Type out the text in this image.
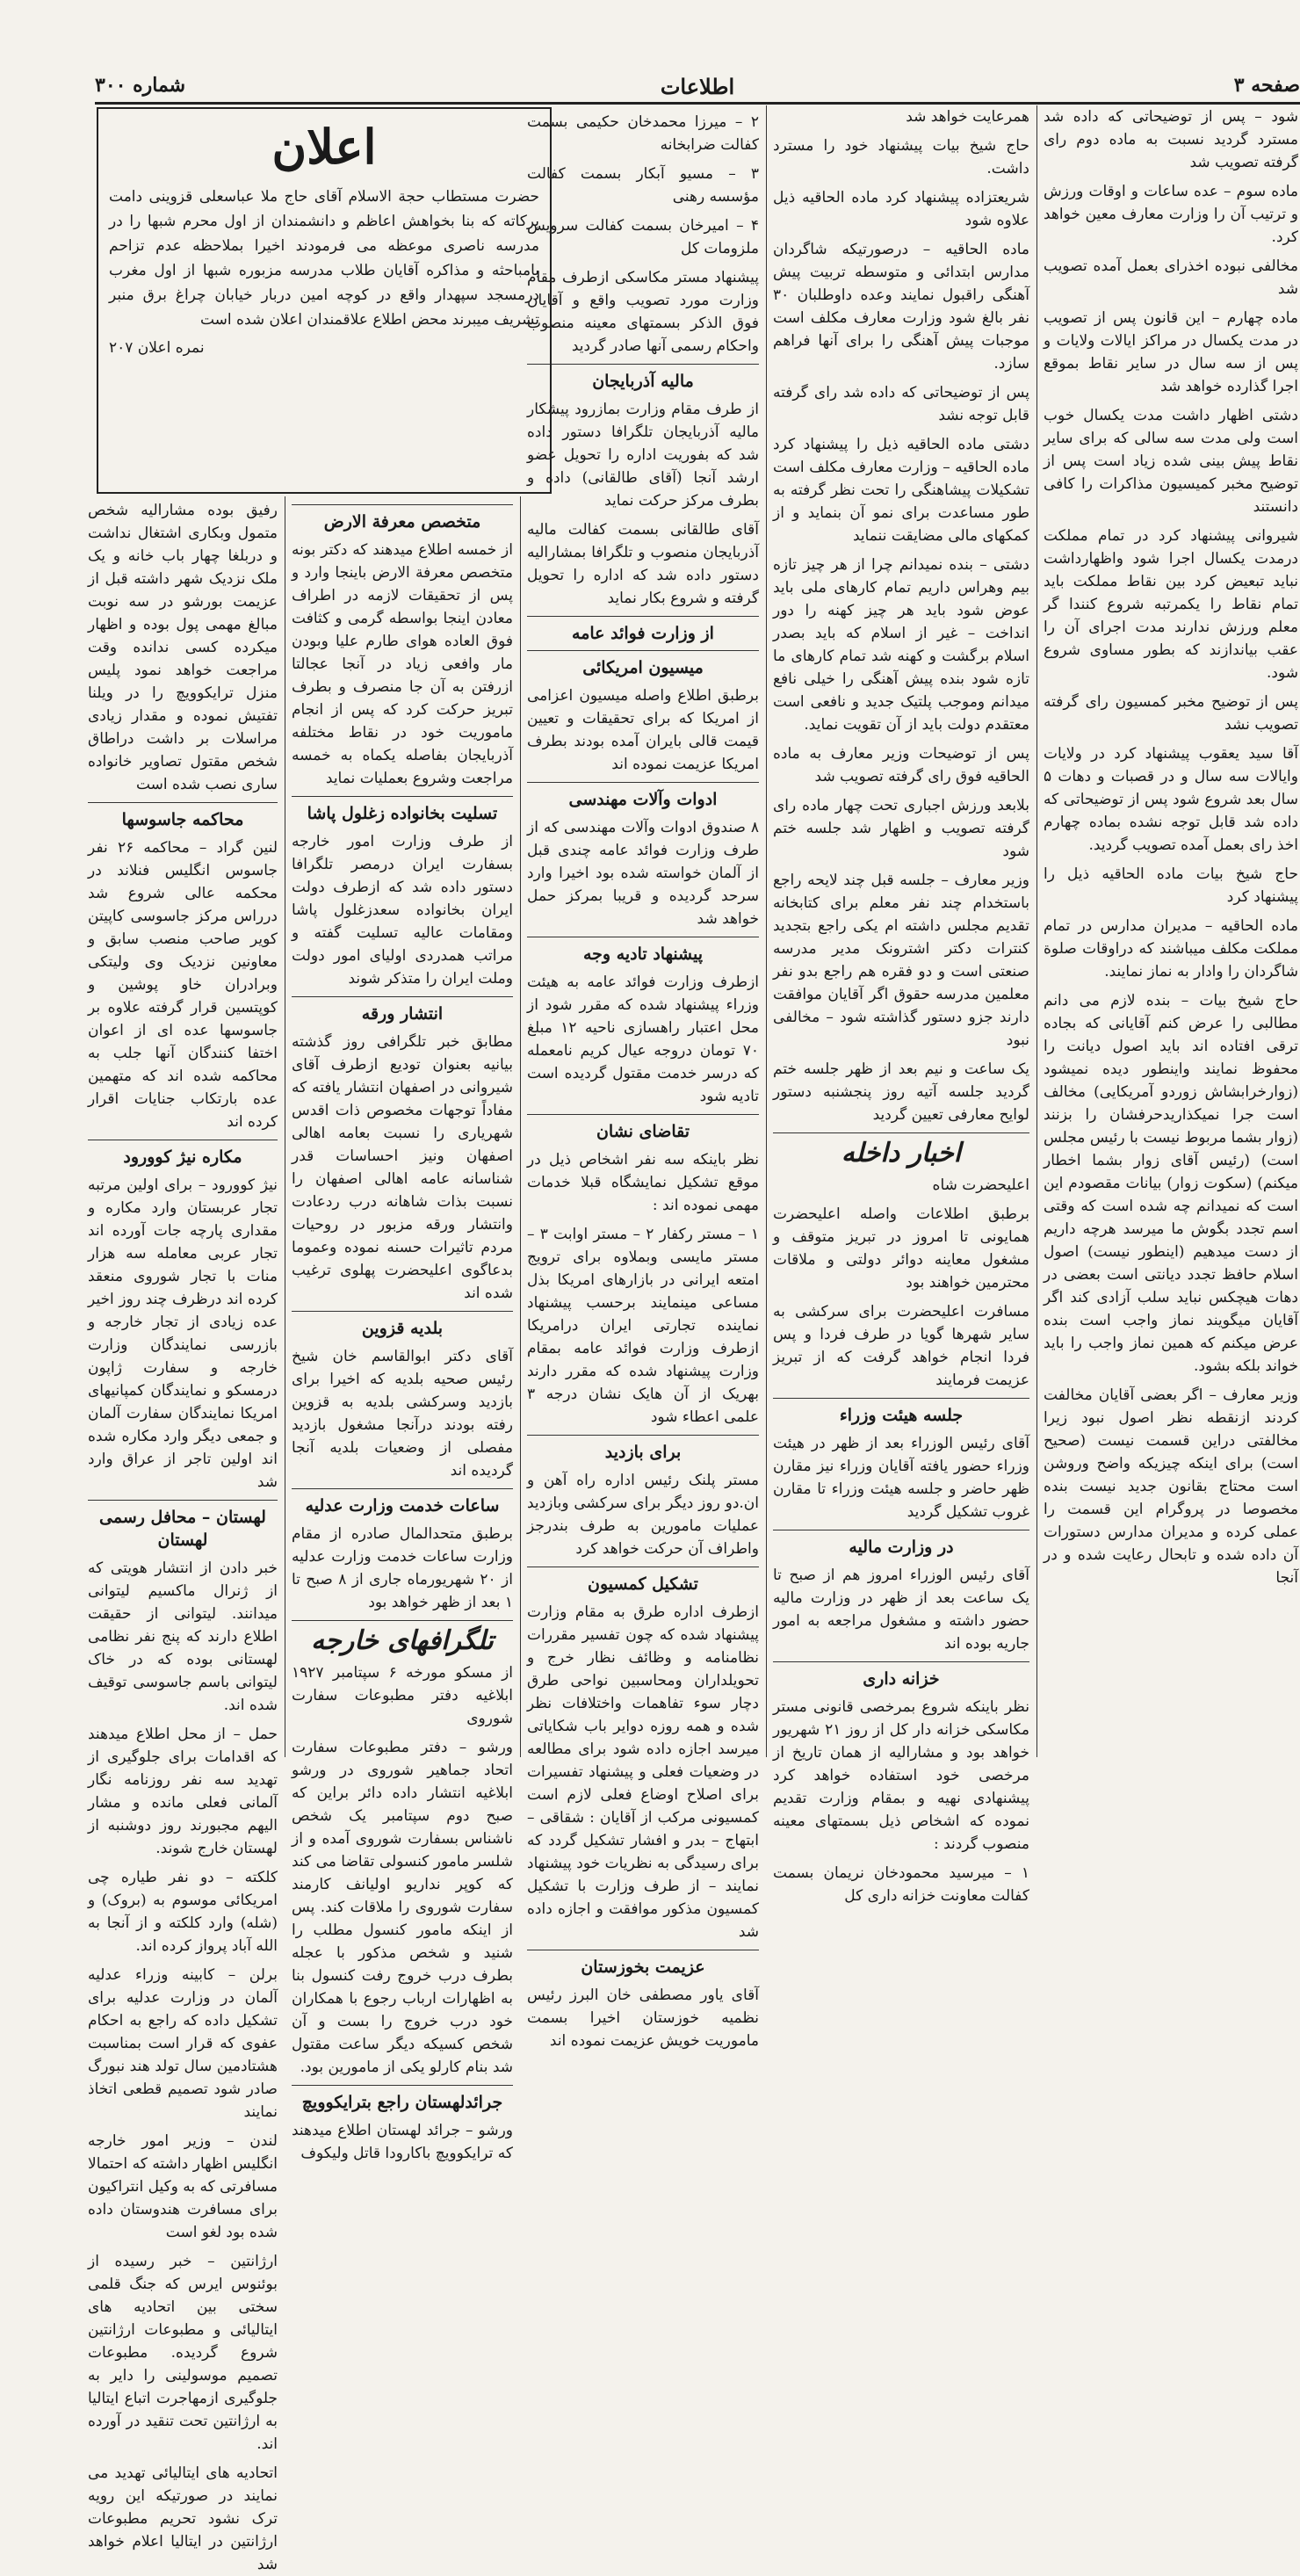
صفحه ۳
اطلاعات
شماره ۳۰۰

شود – پس از توضیحاتی که داده شد مسترد گردید نسبت به ماده دوم رای گرفته تصویب شد

ماده سوم – عده ساعات و اوقات ورزش و ترتیب آن را وزارت معارف معین خواهد کرد.

مخالفی نبوده اخذرای بعمل آمده تصویب شد

ماده چهارم – این قانون پس از تصویب در مدت یکسال در مراکز ایالات ولایات و پس از سه سال در سایر نقاط بموقع اجرا گذارده خواهد شد

دشتی اظهار داشت مدت یکسال خوب است ولی مدت سه سالی که برای سایر نقاط پیش بینی شده زیاد است پس از توضیح مخبر کمیسیون مذاکرات را کافی دانستند

شیروانی پیشنهاد کرد در تمام مملکت درمدت یکسال اجرا شود واظهارداشت نباید تبعیض کرد بین نقاط مملکت باید تمام نقاط را یکمرتبه شروع کنندا گر معلم ورزش ندارند مدت اجرای آن را عقب بیاندازند که بطور مساوی شروع شود.

پس از توضیح مخبر کمسیون رای گرفته تصویب نشد

آقا سید یعقوب پیشنهاد کرد در ولایات وایالات سه سال و در قصبات و دهات ۵ سال بعد شروع شود پس از توضیحاتی که داده شد قابل توجه نشده بماده چهارم اخذ رای بعمل آمده تصویب گردید.

حاج شیخ بیات ماده الحاقیه ذیل را پیشنهاد کرد

ماده الحاقیه – مدیران مدارس در تمام مملکت مکلف میباشند که دراوقات صلوة شاگردان را وادار به نماز نمایند.

حاج شیخ بیات – بنده لازم می دانم مطالبی را عرض کنم آقایانی که بجاده ترقی افتاده اند باید اصول دیانت را محفوظ نمایند واینطور دیده نمیشود (زوارخرابشاش زوردو آمریکایی) مخالف است جرا نمیکذاریدحرفشان را بزنند (زوار بشما مربوط نیست با رئیس مجلس است) (رئیس آقای زوار بشما اخطار میکنم) (سکوت زوار) بیانات مقصودم این است که نمیدانم چه شده است که وقتی اسم تجدد بگوش ما میرسد هرچه داریم از دست میدهیم (اینطور نیست) اصول اسلام حافظ تجدد دیانتی است بعضی در دهات هیچکس نباید سلب آزادی کند اگر آقایان میگویند نماز واجب است بنده عرض میکنم که همین نماز واجب را باید خواند بلکه بشود.

وزیر معارف – اگر بعضی آقایان مخالفت کردند ازنقطه نظر اصول نبود زیرا مخالفتی دراین قسمت نیست (صحیح است) برای اینکه چیزیکه واضح وروشن است محتاج بقانون جدید نیست بنده مخصوصا در پروگرام این قسمت را عملی کرده و مدیران مدارس دستورات آن داده شده و تابحال رعایت شده و در آنجا

همرعایت خواهد شد

حاج شیخ بیات پیشنهاد خود را مسترد داشت.

شریعتزاده پیشنهاد کرد ماده الحاقیه ذیل علاوه شود

ماده الحاقیه – درصورتیکه شاگردان مدارس ابتدائی و متوسطه تربیت پیش آهنگی راقبول نمایند وعده داوطلبان ۳۰ نفر بالغ شود وزارت معارف مکلف است موجبات پیش آهنگی را برای آنها فراهم سازد.

پس از توضیحاتی که داده شد رای گرفته قابل توجه نشد

دشتی ماده الحاقیه ذیل را پیشنهاد کرد ماده الحاقیه – وزارت معارف مکلف است تشکیلات پیشاهنگی را تحت نظر گرفته به طور مساعدت برای نمو آن بنماید و از کمکهای مالی مضایقت ننماید

دشتی – بنده نمیدانم چرا از هر چیز تازه بیم وهراس داریم تمام کارهای ملی باید عوض شود باید هر چیز کهنه را دور انداخت – غیر از اسلام که باید بصدر اسلام برگشت و کهنه شد تمام کارهای ما تازه شود بنده پیش آهنگی را خیلی نافع میدانم وموجب پلتیک جدید و نافعی است معتقدم دولت باید از آن تقویت نماید.

پس از توضیحات وزیر معارف به ماده الحاقیه فوق رای گرفته تصویب شد

بلابعد ورزش اجباری تحت چهار ماده رای گرفته تصویب و اظهار شد جلسه ختم شود

وزیر معارف – جلسه قبل چند لایحه راجع باستخدام چند نفر معلم برای کتابخانه تقدیم مجلس داشته ام یکی راجع بتجدید کنترات دکتر اشترونک مدیر مدرسه صنعتی است و دو فقره هم راجع بدو نفر معلمین مدرسه حقوق اگر آقایان موافقت دارند جزو دستور گذاشته شود – مخالفی نبود

یک ساعت و نیم بعد از ظهر جلسه ختم گردید جلسه آتیه روز پنجشنبه دستور لوایح معارفی تعیین گردید

اخبار داخله

اعلیحضرت شاه

برطبق اطلاعات واصله اعلیحضرت همایونی تا امروز در تبریز متوقف و مشغول معاینه دوائر دولتی و ملاقات محترمین خواهند بود

مسافرت اعلیحضرت برای سرکشی به سایر شهرها گویا در طرف فردا و پس فردا انجام خواهد گرفت که از تبریز عزیمت فرمایند

جلسه هیئت وزراء

آقای رئیس الوزراء بعد از ظهر در هیئت وزراء حضور یافته آقایان وزراء نیز مقارن ظهر حاضر و جلسه هیئت وزراء تا مقارن غروب تشکیل گردید

در وزارت مالیه

آقای رئیس الوزراء امروز هم از صبح تا یک ساعت بعد از ظهر در وزارت مالیه حضور داشته و مشغول مراجعه به امور جاریه بوده اند

خزانه داری

نظر باینکه شروع بمرخصی قانونی مستر مکاسکی خزانه دار کل از روز ۲۱ شهریور خواهد بود و مشارالیه از همان تاریخ از مرخصی خود استفاده خواهد کرد پیشنهادی نهیه و بمقام وزارت تقدیم نموده که اشخاص ذیل بسمتهای معینه منصوب گردند :

۱ – میرسید محمودخان نریمان بسمت کفالت معاونت خزانه داری کل

۲ – میرزا محمدخان حکیمی بسمت کفالت ضرابخانه

۳ – مسیو آبکار بسمت کفالت مؤسسه رهنی

۴ – امیرخان بسمت کفالت سرویس ملزومات کل

پیشنهاد مستر مکاسکی ازطرف مقام وزارت مورد تصویب واقع و آقایان فوق الذکر بسمتهای معینه منصوب واحکام رسمی آنها صادر گردید

مالیه آذربایجان

از طرف مقام وزارت بمازرود پیشکار مالیه آذربایجان تلگرافا دستور داده شد که بفوریت اداره را تحویل عضو ارشد آنجا (آقای طالقانی) داده و بطرف مرکز حرکت نماید

آقای طالقانی بسمت کفالت مالیه آذربایجان منصوب و تلگرافا بمشارالیه دستور داده شد که اداره را تحویل گرفته و شروع بکار نماید

از وزارت فوائد عامه
میسیون امریکائی

برطبق اطلاع واصله میسیون اعزامی از امریکا که برای تحقیقات و تعیین قیمت قالی بایران آمده بودند بطرف امریکا عزیمت نموده اند

ادوات وآلات مهندسی

۸ صندوق ادوات وآلات مهندسی که از طرف وزارت فوائد عامه چندی قبل از آلمان خواسته شده بود اخیرا وارد سرحد گردیده و قریبا بمرکز حمل خواهد شد

پیشنهاد تادیه وجه

ازطرف وزارت فوائد عامه به هیئت وزراء پیشنهاد شده که مقرر شود از محل اعتبار راهسازی ناحیه ۱۲ مبلغ ۷۰ تومان دروجه عیال کریم نامعمله که درسر خدمت مقتول گردیده است تادیه شود

تقاضای نشان

نظر باینکه سه نفر اشخاص ذیل در موقع تشکیل نمایشگاه قبلا خدمات مهمی نموده اند :

۱ – مستر رکفار ۲ – مستر اوابت ۳ – مستر مایسی وبملاوه برای ترویج امتعه ایرانی در بازارهای امریکا بذل مساعی مینمایند برحسب پیشنهاد نماینده تجارتی ایران درامریکا ازطرف وزارت فوائد عامه بمقام وزارت پیشنهاد شده که مقرر دارند بهریک از آن هایک نشان درجه ۳ علمی اعطاء شود

برای بازدید

مستر پلنک رئیس اداره راه آهن و ان.دو روز دیگر برای سرکشی وبازدید عملیات مامورین به طرف بندرجز واطراف آن حرکت خواهد کرد

تشکیل کمسیون

ازطرف اداره طرق به مقام وزارت پیشنهاد شده که چون تفسیر مقررات نظامنامه و وظائف نظار خرج و تحویلداران ومحاسبین نواحی طرق دچار سوء تفاهمات واختلافات نظر شده و همه روزه دوایر باب شکایاتی میرسد اجازه داده شود برای مطالعه در وضعیات فعلی و پیشنهاد تفسیرات برای اصلاح اوضاع فعلی لازم است کمسیونی مرکب از آقایان : شقاقی – ابتهاج – بدر و افشار تشکیل گردد که برای رسیدگی به نظریات خود پیشنهاد نمایند – از طرف وزارت با تشکیل کمسیون مذکور موافقت و اجازه داده شد

عزیمت بخوزستان

آقای یاور مصطفی خان البرز رئیس نظمیه خوزستان اخیرا بسمت ماموریت خویش عزیمت نموده اند

اعلان
حضرت مستطاب حجة الاسلام آقای حاج ملا عباسعلی قزوینی دامت برکاته که بنا بخواهش اعاظم و دانشمندان از اول محرم شبها را در مدرسه ناصری موعظه می فرمودند اخیرا بملاحظه عدم تزاحم بامباحثه و مذاکره آقایان طلاب مدرسه مزبوره شبها از اول مغرب درمسجد سپهدار واقع در کوچه امین دربار خیابان چراغ برق منبر تشریف میبرند محض اطلاع علاقمندان اعلان شده است
نمره اعلان ۲۰۷
متخصص معرفة الارض

از خمسه اطلاع میدهند که دکتر بونه متخصص معرفة الارض باینجا وارد و پس از تحقیقات لازمه در اطراف معادن اینجا بواسطه گرمی و کثافت فوق العاده هوای طارم علیا وبودن مار وافعی زیاد در آنجا عجالتا ازرفتن به آن جا منصرف و بطرف تبریز حرکت کرد که پس از انجام ماموریت خود در نقاط مختلفه آذربایجان بفاصله یکماه به خمسه مراجعت وشروع بعملیات نماید

تسلیت بخانواده زغلول پاشا

از طرف وزارت امور خارجه بسفارت ایران درمصر تلگرافا دستور داده شد که ازطرف دولت ایران بخانواده سعدزغلول پاشا ومقامات عالیه تسلیت گفته و مراتب همدردی اولیای امور دولت وملت ایران را متذکر شوند

انتشار ورقه

مطابق خبر تلگرافی روز گذشته بیانیه بعنوان تودیع ازطرف آقای شیروانی در اصفهان انتشار یافته که مفاداً توجهات مخصوص ذات اقدس شهریاری را نسبت بعامه اهالی اصفهان ونیز احساسات قدر شناسانه عامه اهالی اصفهان را نسبت بذات شاهانه درب ردعادت وانتشار ورقه مزبور در روحیات مردم تاثیرات حسنه نموده وعموما بدعاگوی اعلیحضرت پهلوی ترغیب شده اند

بلدیه قزوین

آقای دکتر ابوالقاسم خان شیخ رئیس صحیه بلدیه که اخیرا برای بازدید وسرکشی بلدیه به قزوین رفته بودند درآنجا مشغول بازدید مفصلی از وضعیات بلدیه آنجا گردیده اند

ساعات خدمت وزارت عدلیه

برطبق متحدالمال صادره از مقام وزارت ساعات خدمت وزارت عدلیه از ۲۰ شهریورماه جاری از ۸ صبح تا ۱ بعد از ظهر خواهد بود

تلگرافهای خارجه

از مسکو مورخه ۶ سپتامبر ۱۹۲۷ ابلاغیه دفتر مطبوعات سفارت شوروی

ورشو – دفتر مطبوعات سفارت اتحاد جماهیر شوروی در ورشو ابلاغیه انتشار داده دائر براین که صبح دوم سپتامبر یک شخص ناشناس بسفارت شوروی آمده و از شلسر مامور کنسولی تقاضا می کند که کوپر نداریو اولیانف کارمند سفارت شوروی را ملاقات کند. پس از اینکه مامور کنسول مطلب را شنید و شخص مذکور با عجله بطرف درب خروج رفت کنسول بنا به اظهارات ارباب رجوع با همکاران خود درب خروج را بست و آن شخص کسیکه دیگر ساعت مقتول شد بنام کارلو یکی از مامورین بود.

جرائدلهستان راجع بترایکوویچ

ورشو – جرائد لهستان اطلاع میدهند که ترایکوویچ باکارودا قاتل ولیکوف

رفیق بوده مشارالیه شخص متمول وبکاری اشتغال نداشت و دربلغا چهار باب خانه و یک ملک نزدیک شهر داشته قبل از عزیمت بورشو در سه نوبت مبالغ مهمی پول بوده و اظهار میکرده کسی ندانده وقت مراجعت خواهد نمود پلیس منزل ترایکوویچ را در ویلنا تفتیش نموده و مقدار زیادی مراسلات بر داشت دراطاق شخص مقتول تصاویر خانواده ساری نصب شده است

محاکمه جاسوسها

لنین گراد – محاکمه ۲۶ نفر جاسوس انگلیس فنلاند در محکمه عالی شروع شد درراس مرکز جاسوسی کاپیتن کویر صاحب منصب سابق و معاونین نزدیک وی ولیتکی وبرادران خاو پوشین و کوپتسین قرار گرفته علاوه بر جاسوسها عده ای از اعوان اختفا کنندگان آنها جلب به محاکمه شده اند که متهمین عده بارتکاب جنایات اقرار کرده اند

مکاره نیژ کوورود

نیژ کوورود – برای اولین مرتبه تجار عربستان وارد مکاره و مقداری پارچه جات آورده اند تجار عربی معامله سه هزار منات با تجار شوروی منعقد کرده اند درظرف چند روز اخیر عده زیادی از تجار خارجه و بازرسی نمایندگان وزارت خارجه و سفارت ژاپون درمسکو و نمایندگان کمپانیهای امریکا نمایندگان سفارت آلمان و جمعی دیگر وارد مکاره شده اند اولین تاجر از عراق وارد شد

لهستان – محافل رسمی لهستان

خبر دادن از انتشار هویتی که از ژنرال ماکسیم لیتوانی میدانند. لیتوانی از حقیقت اطلاع دارند که پنج نفر نظامی لهستانی بوده که در خاک لیتوانی باسم جاسوسی توقیف شده اند.

حمل – از محل اطلاع میدهند که اقدامات برای جلوگیری از تهدید سه نفر روزنامه نگار آلمانی فعلی مانده و مشار الیهم مجبورند روز دوشنبه از لهستان خارج شوند.

کلکته – دو نفر طیاره چی امریکائی موسوم به (بروک) و (شله) وارد کلکته و از آنجا به الله آباد پرواز کرده اند.

برلن – کابینه وزراء عدلیه آلمان در وزارت عدلیه برای تشکیل داده که راجع به احکام عفوی که قرار است بمناسبت هشتادمین سال تولد هند نبورگ صادر شود تصمیم قطعی اتخاذ نمایند

لندن – وزیر امور خارجه انگلیس اظهار داشته که احتمالا مسافرتی که به وکیل انتراکیون برای مسافرت هندوستان داده شده بود لغو است

ارژانتین – خبر رسیده از بوئنوس ایرس که جنگ قلمی سختی بین اتحادیه های ایتالیائی و مطبوعات ارژانتین شروع گردیده. مطبوعات تصمیم موسولینی را دایر به جلوگیری ازمهاجرت اتباع ایتالیا به ارژانتین تحت تنقید در آورده اند.

اتحادیه های ایتالیائی تهدید می نمایند در صورتیکه این رویه ترک نشود تحریم مطبوعات ارژانتین در ایتالیا اعلام خواهد شد
